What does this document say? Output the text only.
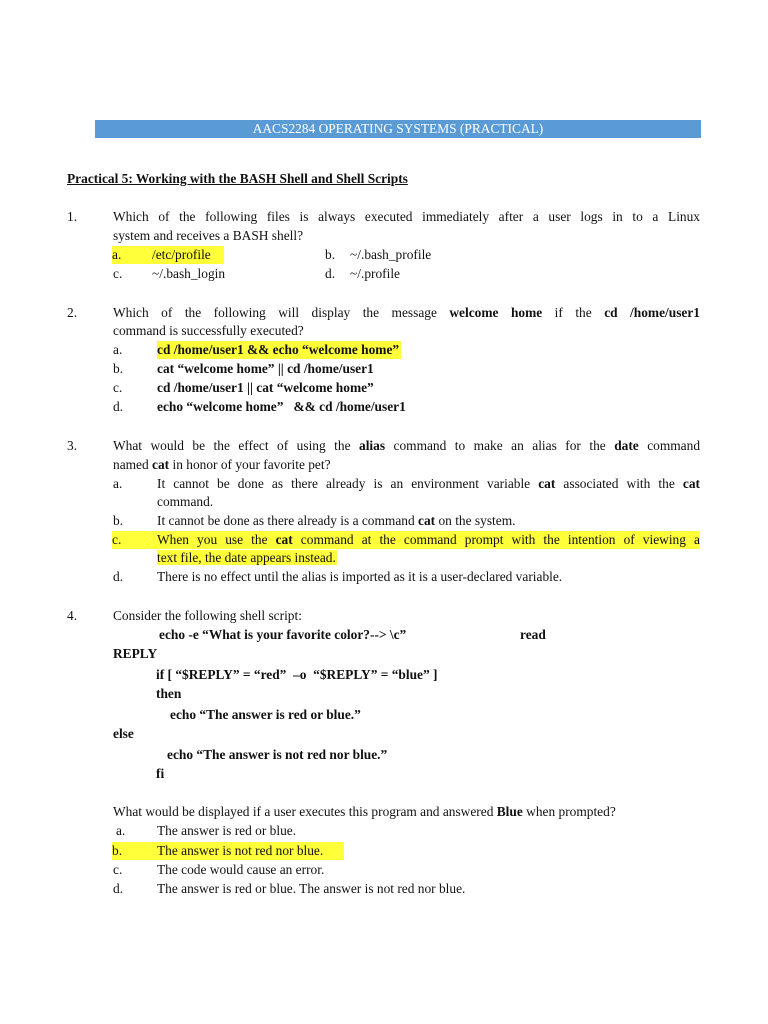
AACS2284 OPERATING SYSTEMS (PRACTICAL)
Practical 5: Working with the BASH Shell and Shell Scripts
1.	Which of the following files is always executed immediately after a user logs in to a Linux
system and receives a BASH shell?
a. /etc/profile	b. ~/.bash_profile
c. ~/.bash_login	d. ~/.profile
2.	Which of the following will display the message welcome home if the cd /home/user1
command is successfully executed?
a.	cd /home/user1 && echo “welcome home”
b.	cat “welcome home” || cd /home/user1
c.	cd /home/user1 || cat “welcome home”
d.	echo “welcome home”   && cd /home/user1
3.	What would be the effect of using the alias command to make an alias for the date command
named cat in honor of your favorite pet?
a.	It cannot be done as there already is an environment variable cat associated with the cat
command.
b.	It cannot be done as there already is a command cat on the system.
c.	When you use the cat command at the command prompt with the intention of viewing a
text file, the date appears instead.
d.	There is no effect until the alias is imported as it is a user-declared variable.
4.	Consider the following shell script:
echo -e “What is your favorite color?--> \c”	read
REPLY
if [ “$REPLY” = “red”  –o  “$REPLY” = “blue” ]
then
echo “The answer is red or blue.”
else
echo “The answer is not red nor blue.”
fi
What would be displayed if a user executes this program and answered Blue when prompted?
a. The answer is red or blue.
b.	The answer is not red nor blue.
c.	The code would cause an error.
d.	The answer is red or blue. The answer is not red nor blue.
